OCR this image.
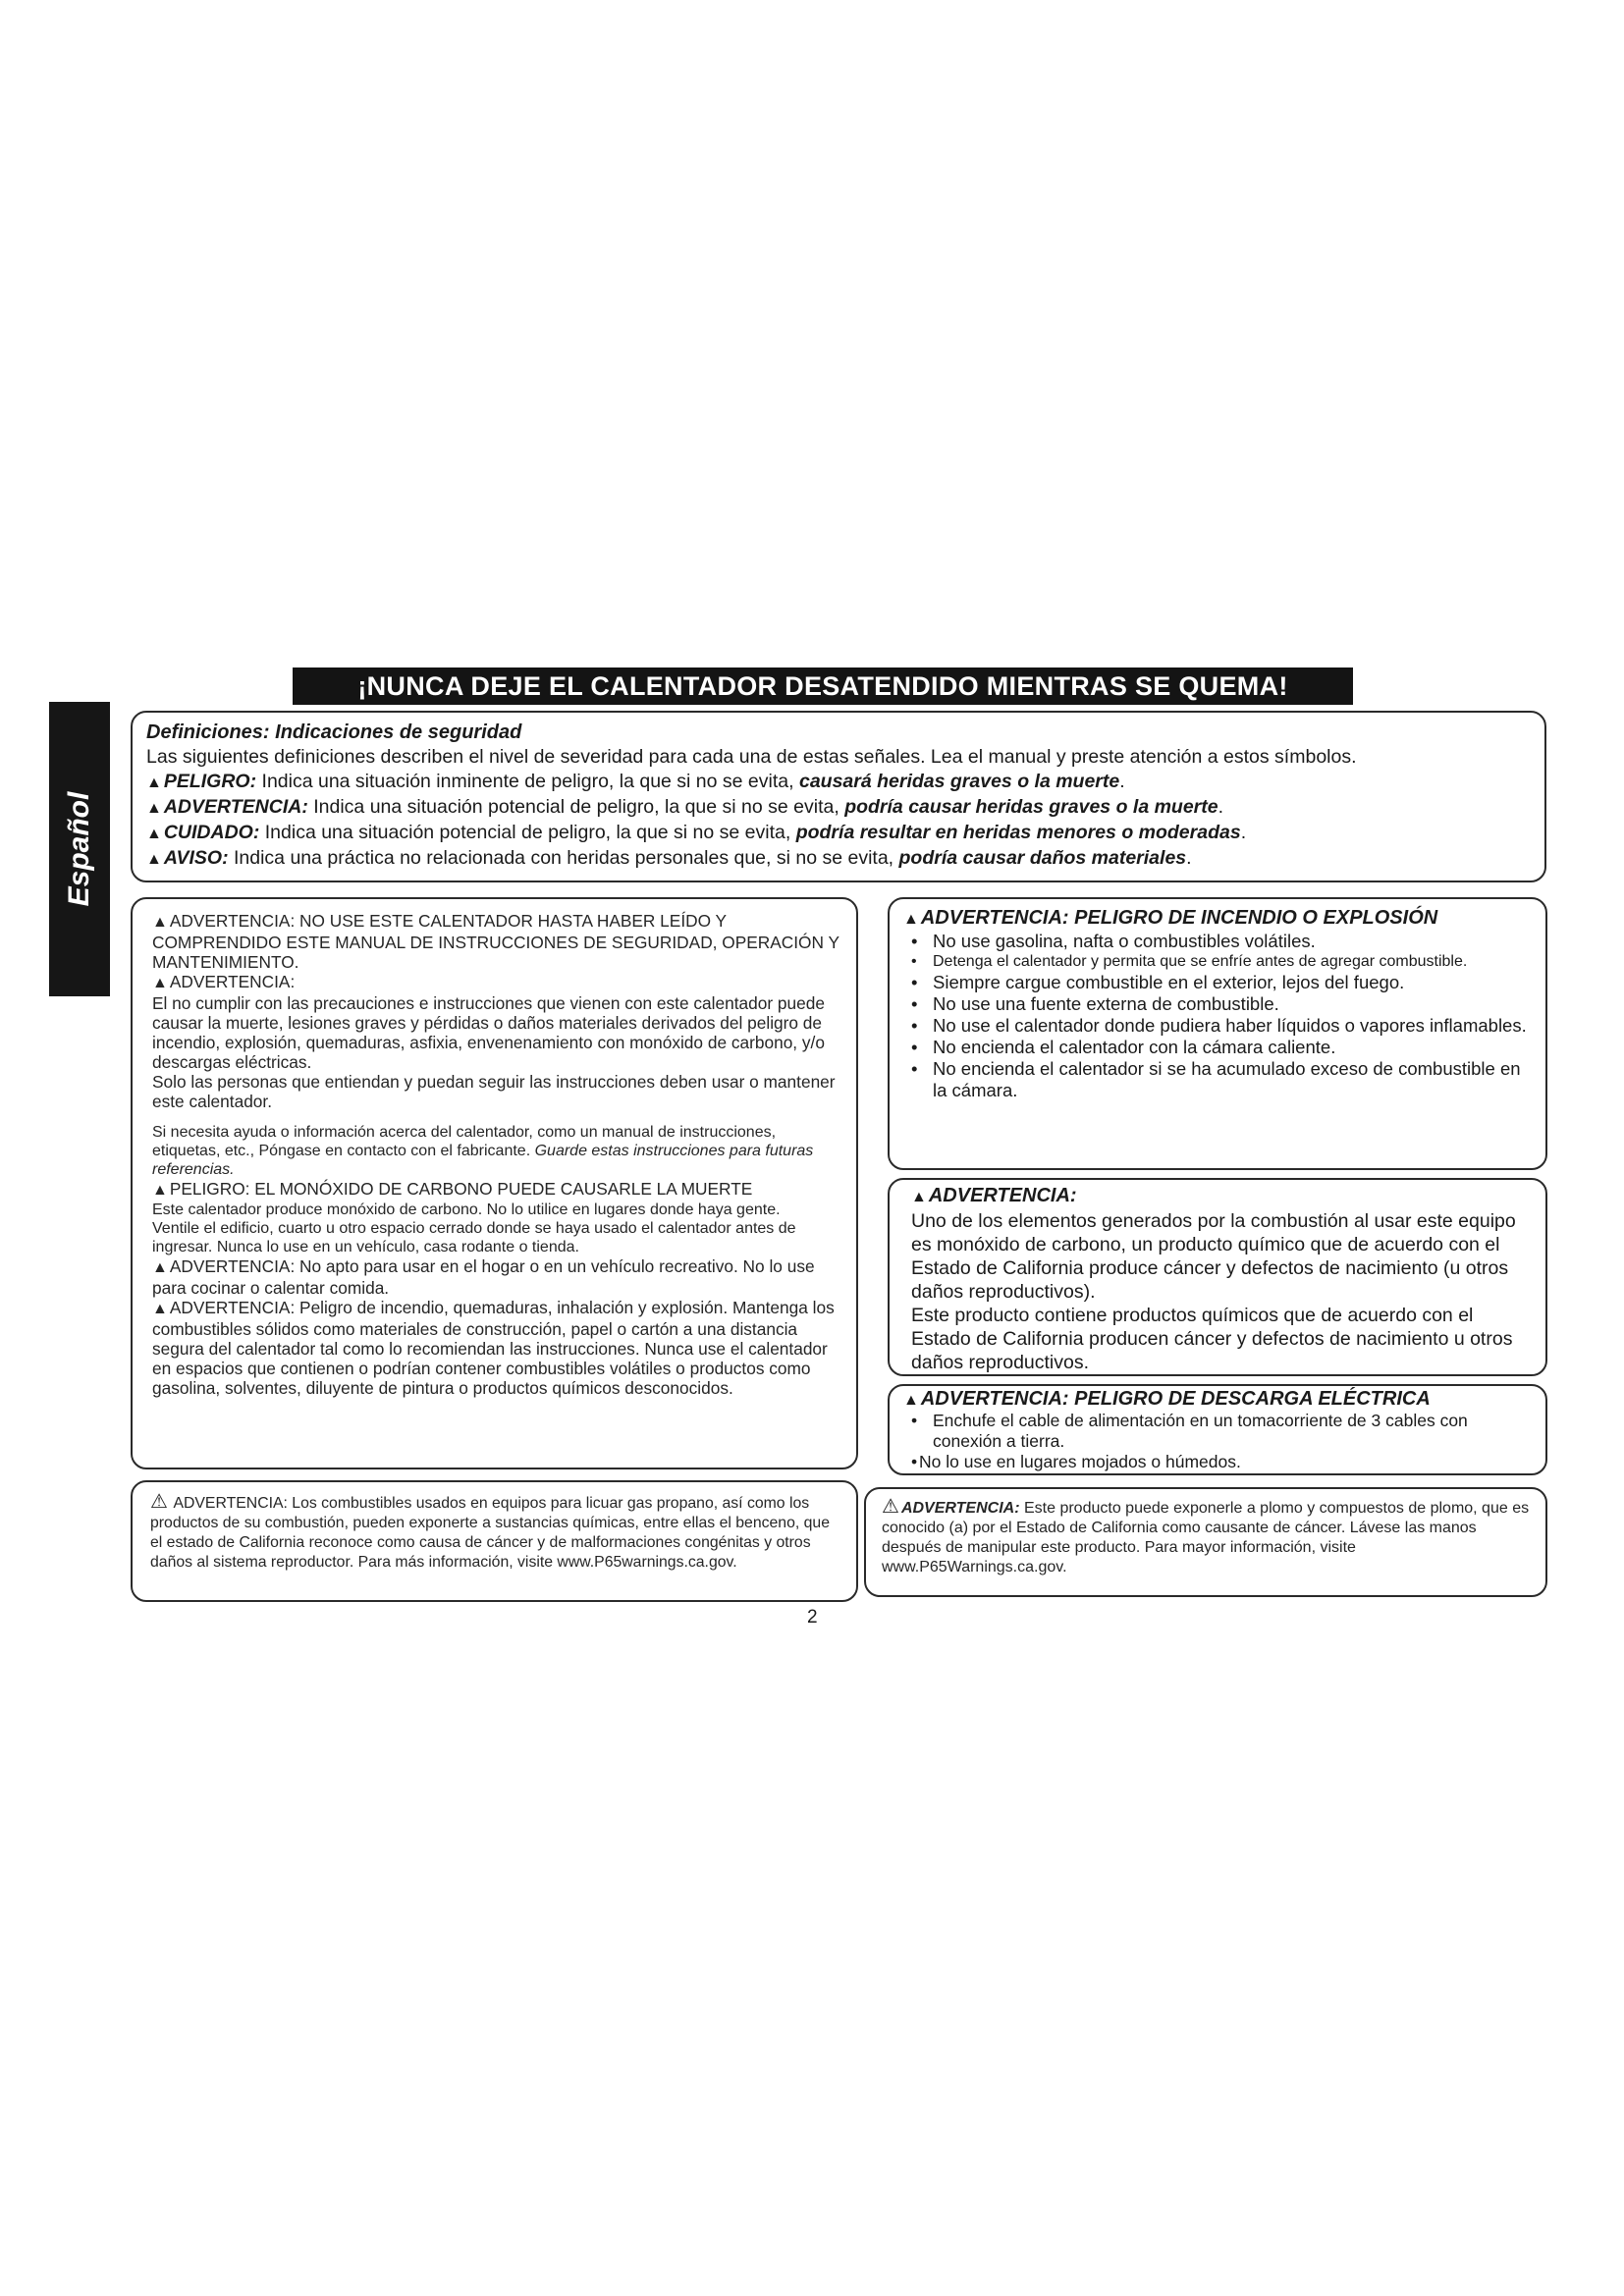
Español
¡NUNCA DEJE EL CALENTADOR DESATENDIDO MIENTRAS SE QUEMA!
Definiciones: Indicaciones de seguridad
Las siguientes definiciones describen el nivel de severidad para cada una de estas señales. Lea el manual y preste atención a estos símbolos.
▲ PELIGRO: Indica una situación inminente de peligro, la que si no se evita, causará heridas graves o la muerte.
▲ ADVERTENCIA: Indica una situación potencial de peligro, la que si no se evita, podría causar heridas graves o la muerte.
▲ CUIDADO: Indica una situación potencial de peligro, la que si no se evita, podría resultar en heridas menores o moderadas.
▲ AVISO: Indica una práctica no relacionada con heridas personales que, si no se evita, podría causar daños materiales.

▲ ADVERTENCIA: NO USE ESTE CALENTADOR HASTA HABER LEÍDO Y COMPRENDIDO ESTE MANUAL DE INSTRUCCIONES DE SEGURIDAD, OPERACIÓN Y MANTENIMIENTO.

▲ ADVERTENCIA:

El no cumplir con las precauciones e instrucciones que vienen con este calentador puede causar la muerte, lesiones graves y pérdidas o daños materiales derivados del peligro de incendio, explosión, quemaduras, asfixia, envenenamiento con monóxido de carbono, y/o descargas eléctricas.

Solo las personas que entiendan y puedan seguir las instrucciones deben usar o mantener este calentador.

Si necesita ayuda o información acerca del calentador, como un manual de instrucciones, etiquetas, etc., Póngase en contacto con el fabricante. Guarde estas instrucciones para futuras referencias.

▲ PELIGRO: EL MONÓXIDO DE CARBONO PUEDE CAUSARLE LA MUERTE

Este calentador produce monóxido de carbono. No lo utilice en lugares donde haya gente.

Ventile el edificio, cuarto u otro espacio cerrado donde se haya usado el calentador antes de ingresar. Nunca lo use en un vehículo, casa rodante o tienda.

▲ ADVERTENCIA: No apto para usar en el hogar o en un vehículo recreativo. No lo use para cocinar o calentar comida.

▲ ADVERTENCIA: Peligro de incendio, quemaduras, inhalación y explosión. Mantenga los combustibles sólidos como materiales de construcción, papel o cartón a una distancia segura del calentador tal como lo recomiendan las instrucciones. Nunca use el calentador en espacios que contienen o podrían contener combustibles volátiles o productos como gasolina, solventes, diluyente de pintura o productos químicos desconocidos.

⚠ ADVERTENCIA: Los combustibles usados en equipos para licuar gas propano, así como los productos de su combustión, pueden exponerte a sustancias químicas, entre ellas el benceno, que el estado de California reconoce como causa de cáncer y de malformaciones congénitas y otros daños al sistema reproductor. Para más información, visite www.P65warnings.ca.gov.
▲ ADVERTENCIA: PELIGRO DE INCENDIO O EXPLOSIÓN
• No use gasolina, nafta o combustibles volátiles.
• Detenga el calentador y permita que se enfríe antes de agregar combustible.
• Siempre cargue combustible en el exterior, lejos del fuego.
• No use una fuente externa de combustible.
• No use el calentador donde pudiera haber líquidos o vapores inflamables.
• No encienda el calentador con la cámara caliente.
• No encienda el calentador si se ha acumulado exceso de combustible en la cámara.
▲ ADVERTENCIA:

Uno de los elementos generados por la combustión al usar este equipo es monóxido de carbono, un producto químico que de acuerdo con el Estado de California produce cáncer y defectos de nacimiento (u otros daños reproductivos).

Este producto contiene productos químicos que de acuerdo con el Estado de California producen cáncer y defectos de nacimiento u otros daños reproductivos.

▲ ADVERTENCIA: PELIGRO DE DESCARGA ELÉCTRICA
• Enchufe el cable de alimentación en un tomacorriente de 3 cables con conexión a tierra.
• No lo use en lugares mojados o húmedos.
⚠ ADVERTENCIA: Este producto puede exponerle a plomo y compuestos de plomo, que es conocido (a) por el Estado de California como causante de cáncer. Lávese las manos después de manipular este producto. Para mayor información, visite www.P65Warnings.ca.gov.
2
